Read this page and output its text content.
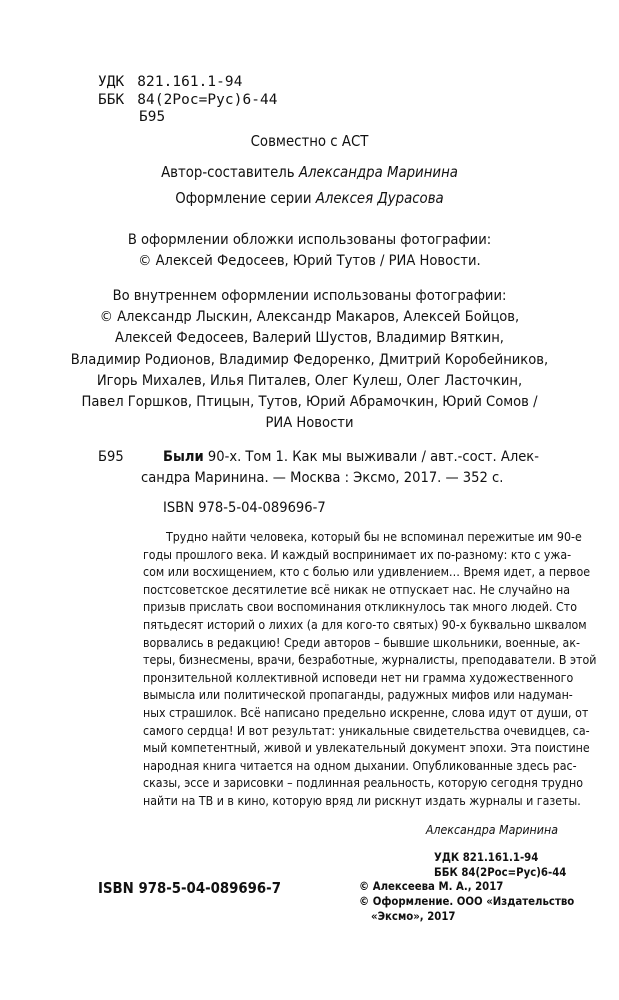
УДК 821.161.1-94
ББК 84(2Рос=Рус)6-44
Б95
Совместно с АСТ
Автор-составитель Александра Маринина
Оформление серии Алексея Дурасова
В оформлении обложки использованы фотографии:
© Алексей Федосеев, Юрий Тутов / РИА Новости.
Во внутреннем оформлении использованы фотографии:
© Александр Лыскин, Александр Макаров, Алексей Бойцов,
Алексей Федосеев, Валерий Шустов, Владимир Вяткин,
Владимир Родионов, Владимир Федоренко, Дмитрий Коробейников,
Игорь Михалев, Илья Питалев, Олег Кулеш, Олег Ласточкин,
Павел Горшков, Птицын, Тутов, Юрий Абрамочкин, Юрий Сомов /
РИА Новости
Б95	Были 90-х. Том 1. Как мы выживали / авт.-сост. Алек-
сандра Маринина. — Москва : Эксмо, 2017. — 352 с.
ISBN 978-5-04-089696-7
Трудно найти человека, который бы не вспоминал пережитые им 90-е
годы прошлого века. И каждый воспринимает их по-разному: кто с ужа-
сом или восхищением, кто с болью или удивлением… Время идет, а первое
постсоветское десятилетие всё никак не отпускает нас. Не случайно на
призыв прислать свои воспоминания откликнулось так много людей. Сто
пятьдесят историй о лихих (а для кого-то святых) 90-х буквально шквалом
ворвались в редакцию! Среди авторов – бывшие школьники, военные, ак-
теры, бизнесмены, врачи, безработные, журналисты, преподаватели. В этой
пронзительной коллективной исповеди нет ни грамма художественного
вымысла или политической пропаганды, радужных мифов или надуман-
ных страшилок. Всё написано предельно искренне, слова идут от души, от
самого сердца! И вот результат: уникальные свидетельства очевидцев, са-
мый компетентный, живой и увлекательный документ эпохи. Эта поистине
народная книга читается на одном дыхании. Опубликованные здесь рас-
сказы, эссе и зарисовки – подлинная реальность, которую сегодня трудно
найти на ТВ и в кино, которую вряд ли рискнут издать журналы и газеты.
Александра Маринина
УДК 821.161.1-94
ББК 84(2Рос=Рус)6-44
ISBN 978-5-04-089696-7	© Алексеева М. А., 2017
© Оформление. ООО «Издательство
«Эксмо», 2017
